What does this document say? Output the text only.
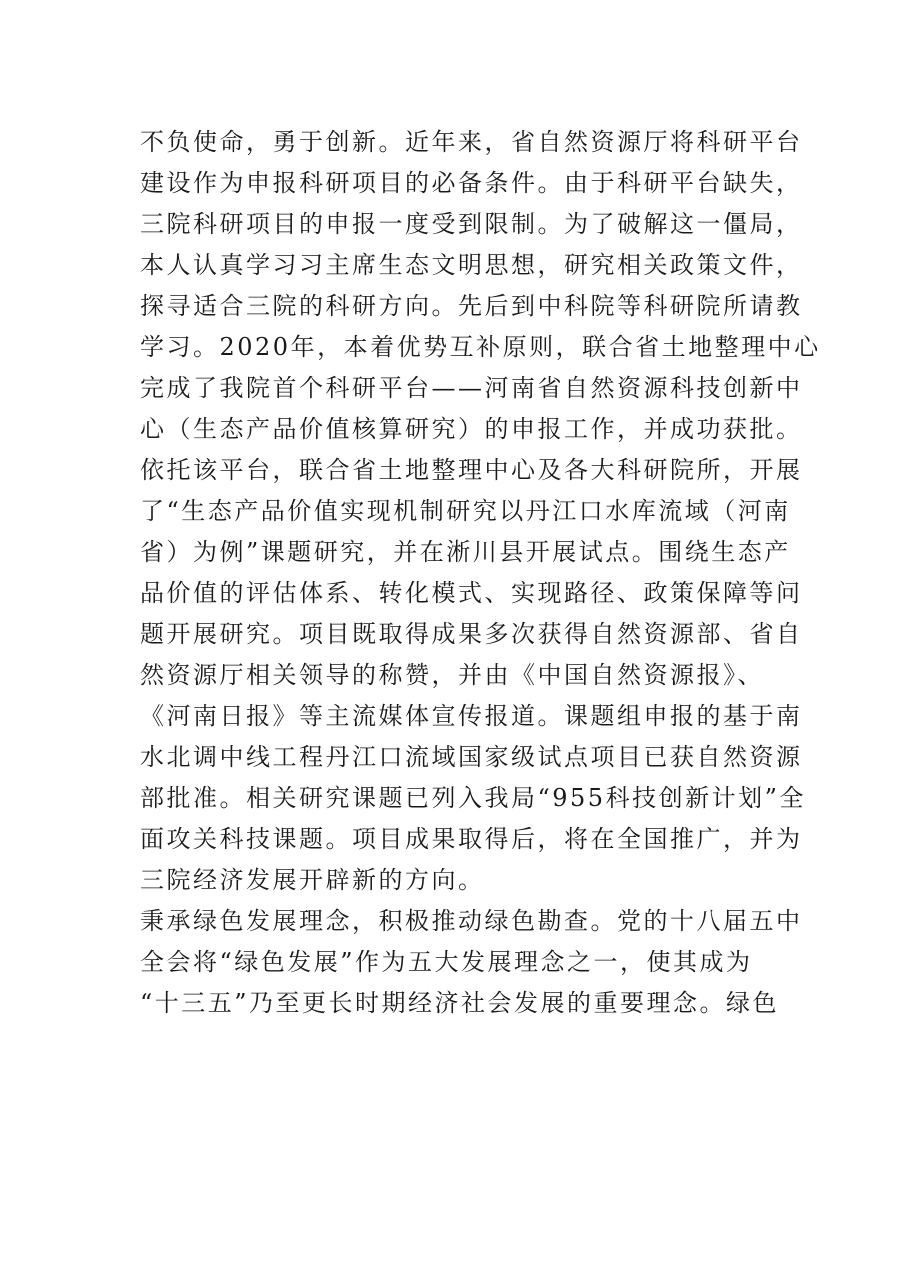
不负使命，勇于创新。近年来，省自然资源厅将科研平台
建设作为申报科研项目的必备条件。由于科研平台缺失，
三院科研项目的申报一度受到限制。为了破解这一僵局，
本人认真学习习主席生态文明思想，研究相关政策文件，
探寻适合三院的科研方向。先后到中科院等科研院所请教
学习。2020年，本着优势互补原则，联合省土地整理中心
完成了我院首个科研平台——河南省自然资源科技创新中
心（生态产品价值核算研究）的申报工作，并成功获批。
依托该平台，联合省土地整理中心及各大科研院所，开展
了“生态产品价值实现机制研究以丹江口水库流域（河南
省）为例”课题研究，并在淅川县开展试点。围绕生态产
品价值的评估体系、转化模式、实现路径、政策保障等问
题开展研究。项目既取得成果多次获得自然资源部、省自
然资源厅相关领导的称赞，并由《中国自然资源报》、
《河南日报》等主流媒体宣传报道。课题组申报的基于南
水北调中线工程丹江口流域国家级试点项目已获自然资源
部批准。相关研究课题已列入我局“955科技创新计划”全
面攻关科技课题。项目成果取得后，将在全国推广，并为
三院经济发展开辟新的方向。
秉承绿色发展理念，积极推动绿色勘查。党的十八届五中
全会将“绿色发展”作为五大发展理念之一，使其成为
“十三五”乃至更长时期经济社会发展的重要理念。绿色
